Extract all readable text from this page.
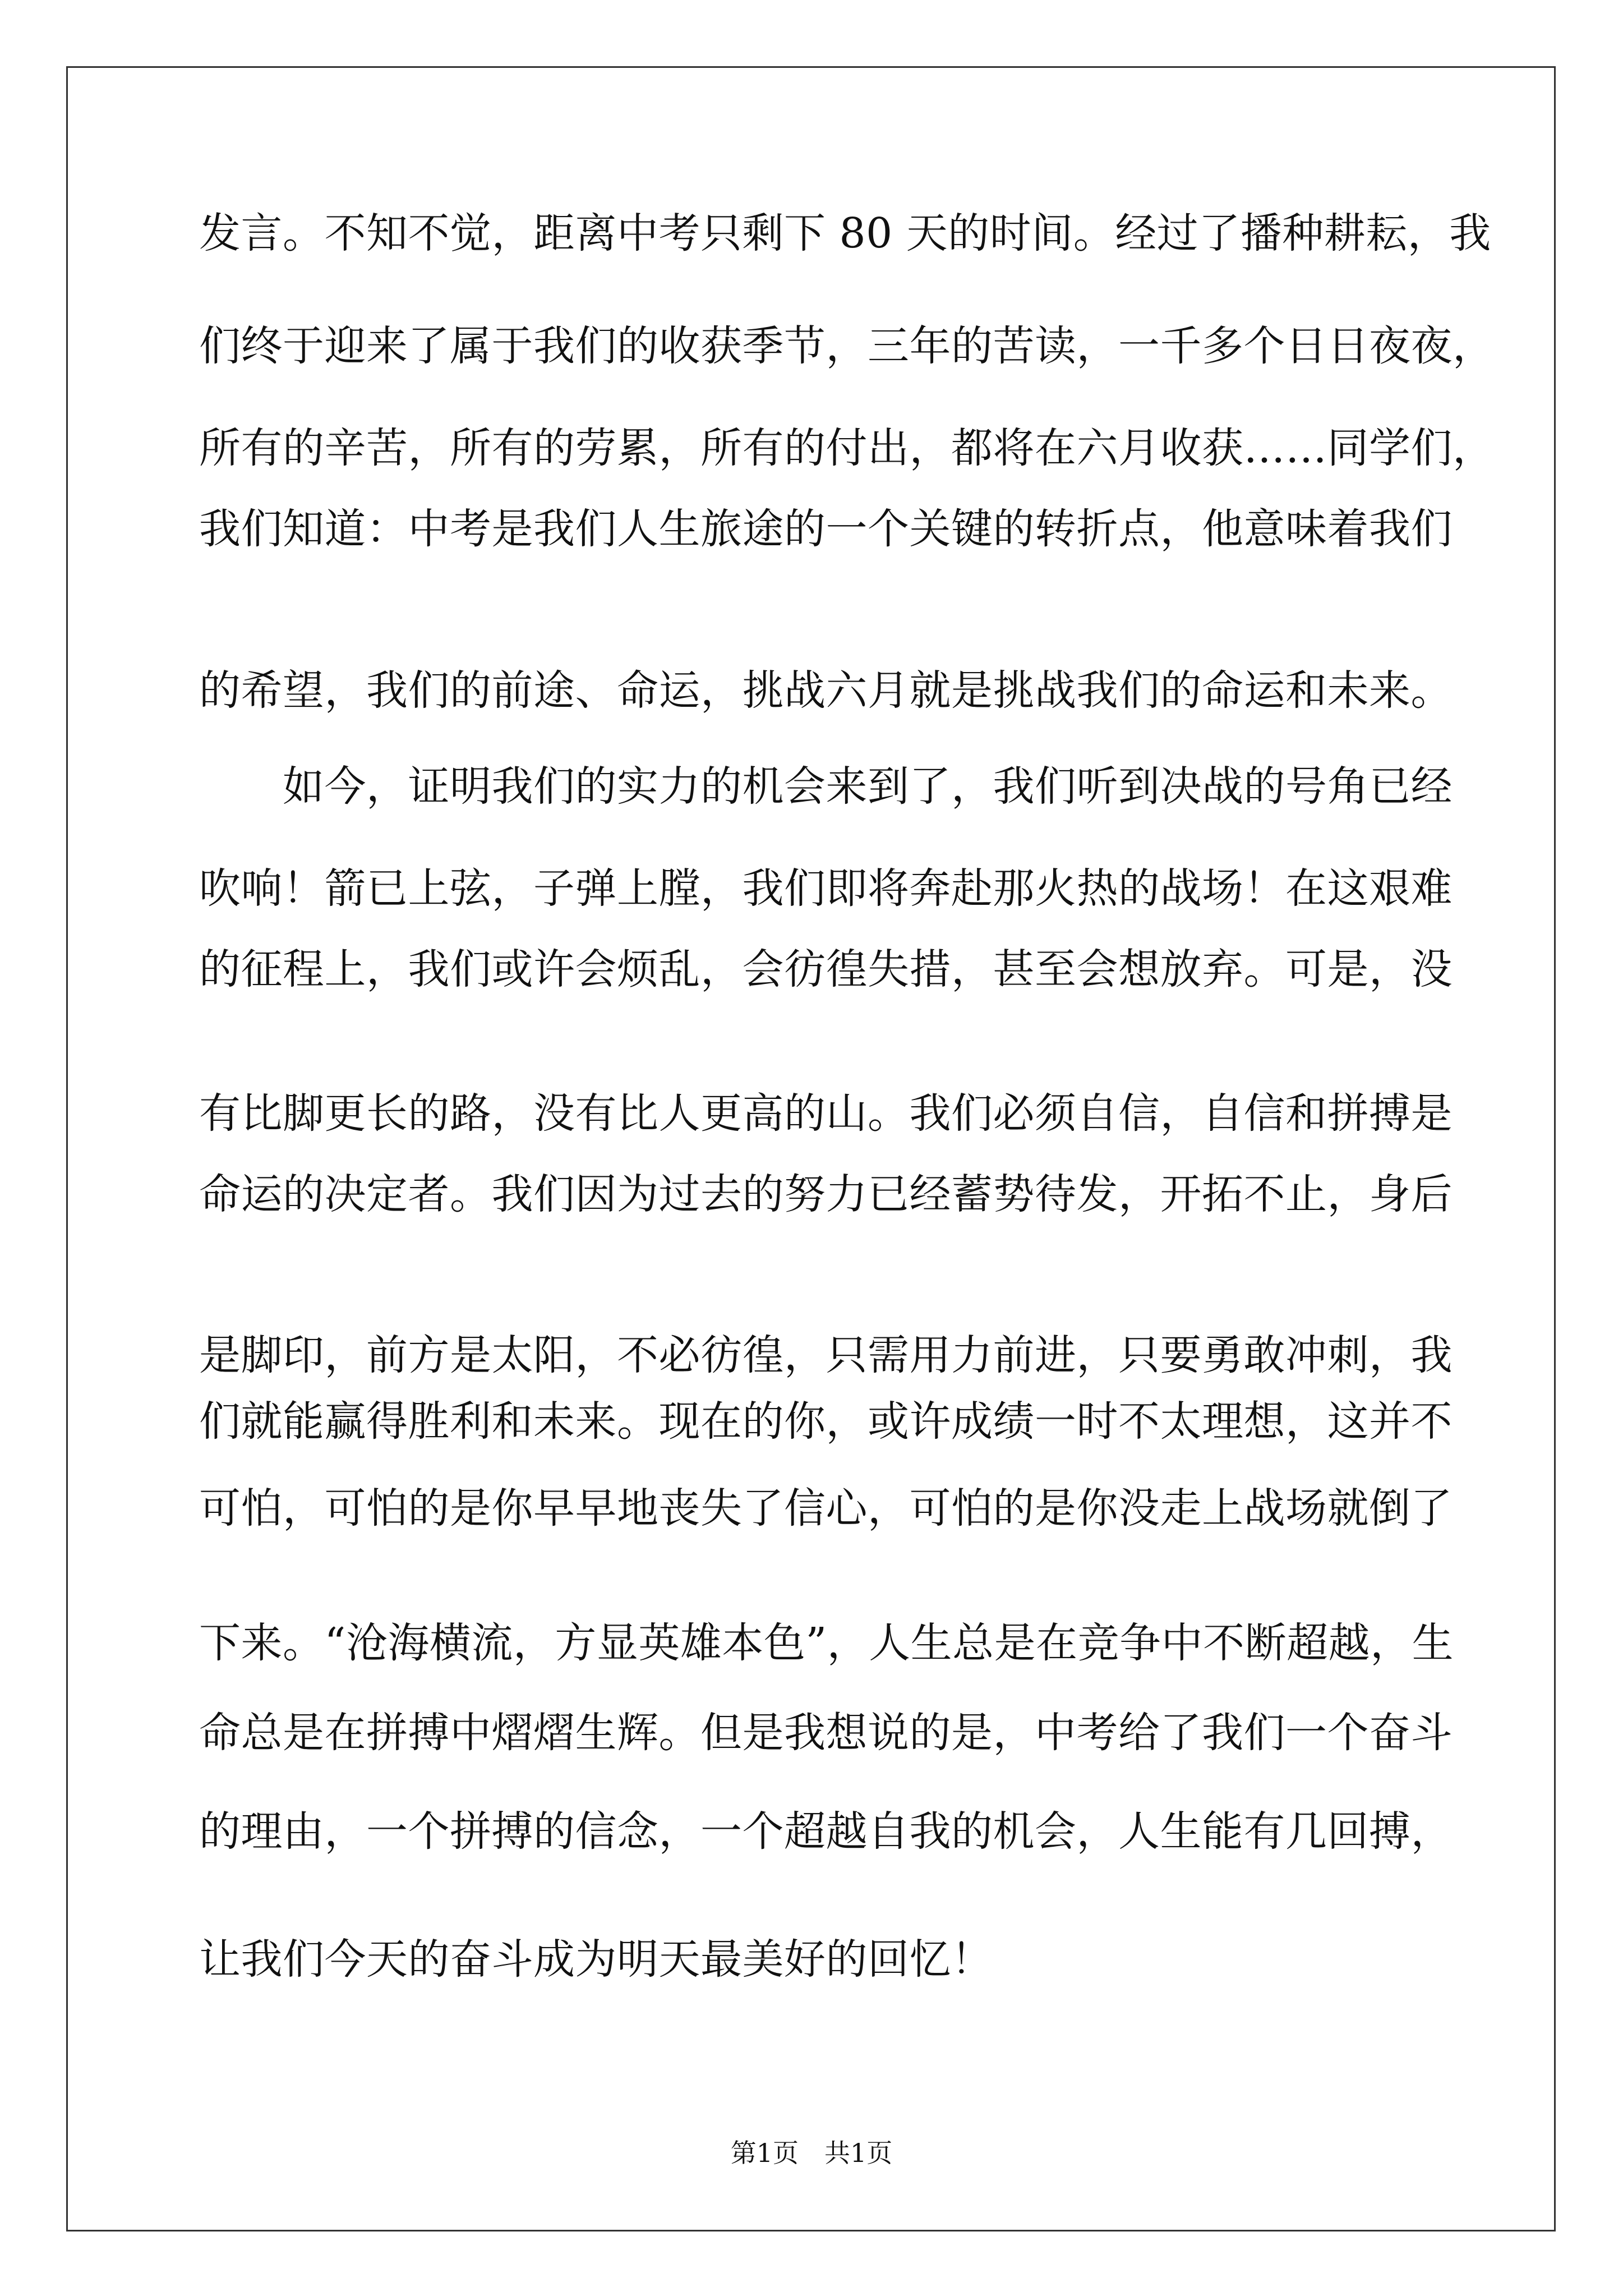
发言。不知不觉，距离中考只剩下 80 天的时间。经过了播种耕耘，我
们终于迎来了属于我们的收获季节，三年的苦读，一千多个日日夜夜，
所有的辛苦，所有的劳累，所有的付出，都将在六月收获……同学们，
我们知道：中考是我们人生旅途的一个关键的转折点，他意味着我们
的希望，我们的前途、命运，挑战六月就是挑战我们的命运和未来。
　　如今，证明我们的实力的机会来到了，我们听到决战的号角已经
吹响！箭已上弦，子弹上膛，我们即将奔赴那火热的战场！在这艰难
的征程上，我们或许会烦乱，会彷徨失措，甚至会想放弃。可是，没
有比脚更长的路，没有比人更高的山。我们必须自信，自信和拼搏是
命运的决定者。我们因为过去的努力已经蓄势待发，开拓不止，身后
是脚印，前方是太阳，不必彷徨，只需用力前进，只要勇敢冲刺，我
们就能赢得胜利和未来。现在的你，或许成绩一时不太理想，这并不
可怕，可怕的是你早早地丧失了信心，可怕的是你没走上战场就倒了
下来。“沧海横流，方显英雄本色”，人生总是在竞争中不断超越，生
命总是在拼搏中熠熠生辉。但是我想说的是，中考给了我们一个奋斗
的理由，一个拼搏的信念，一个超越自我的机会，人生能有几回搏，
让我们今天的奋斗成为明天最美好的回忆！
第1页　共1页
